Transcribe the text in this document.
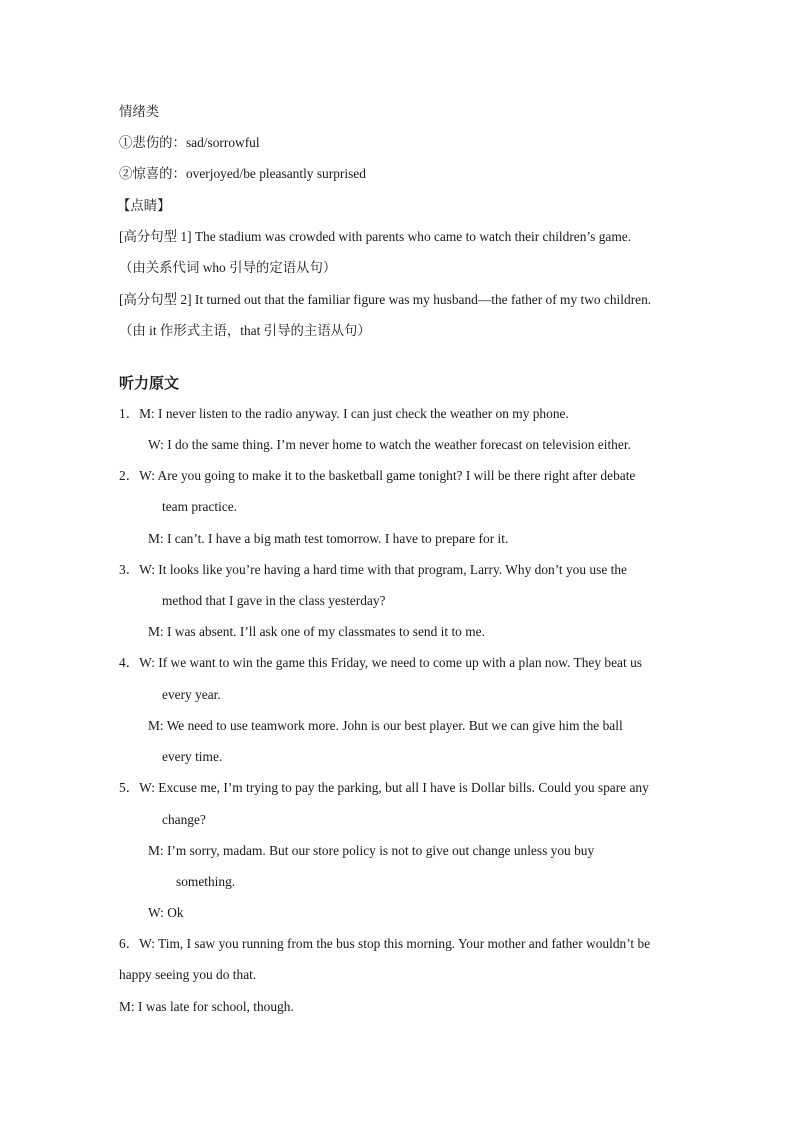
情绪类
①悲伤的：sad/sorrowful
②惊喜的：overjoyed/be pleasantly surprised
【点睛】
[高分句型 1] The stadium was crowded with parents who came to watch their children’s game.
（由关系代词 who 引导的定语从句）
[高分句型 2] It turned out that the familiar figure was my husband—the father of my two children.
（由 it 作形式主语，that 引导的主语从句）
听力原文
1．M: I never listen to the radio anyway. I can just check the weather on my phone.
W: I do the same thing. I’m never home to watch the weather forecast on television either.
2．W: Are you going to make it to the basketball game tonight? I will be there right after debate
team practice.
M: I can’t. I have a big math test tomorrow. I have to prepare for it.
3．W: It looks like you’re having a hard time with that program, Larry. Why don’t you use the
method that I gave in the class yesterday?
M: I was absent. I’ll ask one of my classmates to send it to me.
4．W: If we want to win the game this Friday, we need to come up with a plan now. They beat us
every year.
M: We need to use teamwork more. John is our best player. But we can give him the ball
every time.
5．W: Excuse me, I’m trying to pay the parking, but all I have is Dollar bills. Could you spare any
change?
M: I’m sorry, madam. But our store policy is not to give out change unless you buy
something.
W: Ok
6．W: Tim, I saw you running from the bus stop this morning. Your mother and father wouldn’t be
happy seeing you do that.
M: I was late for school, though.
